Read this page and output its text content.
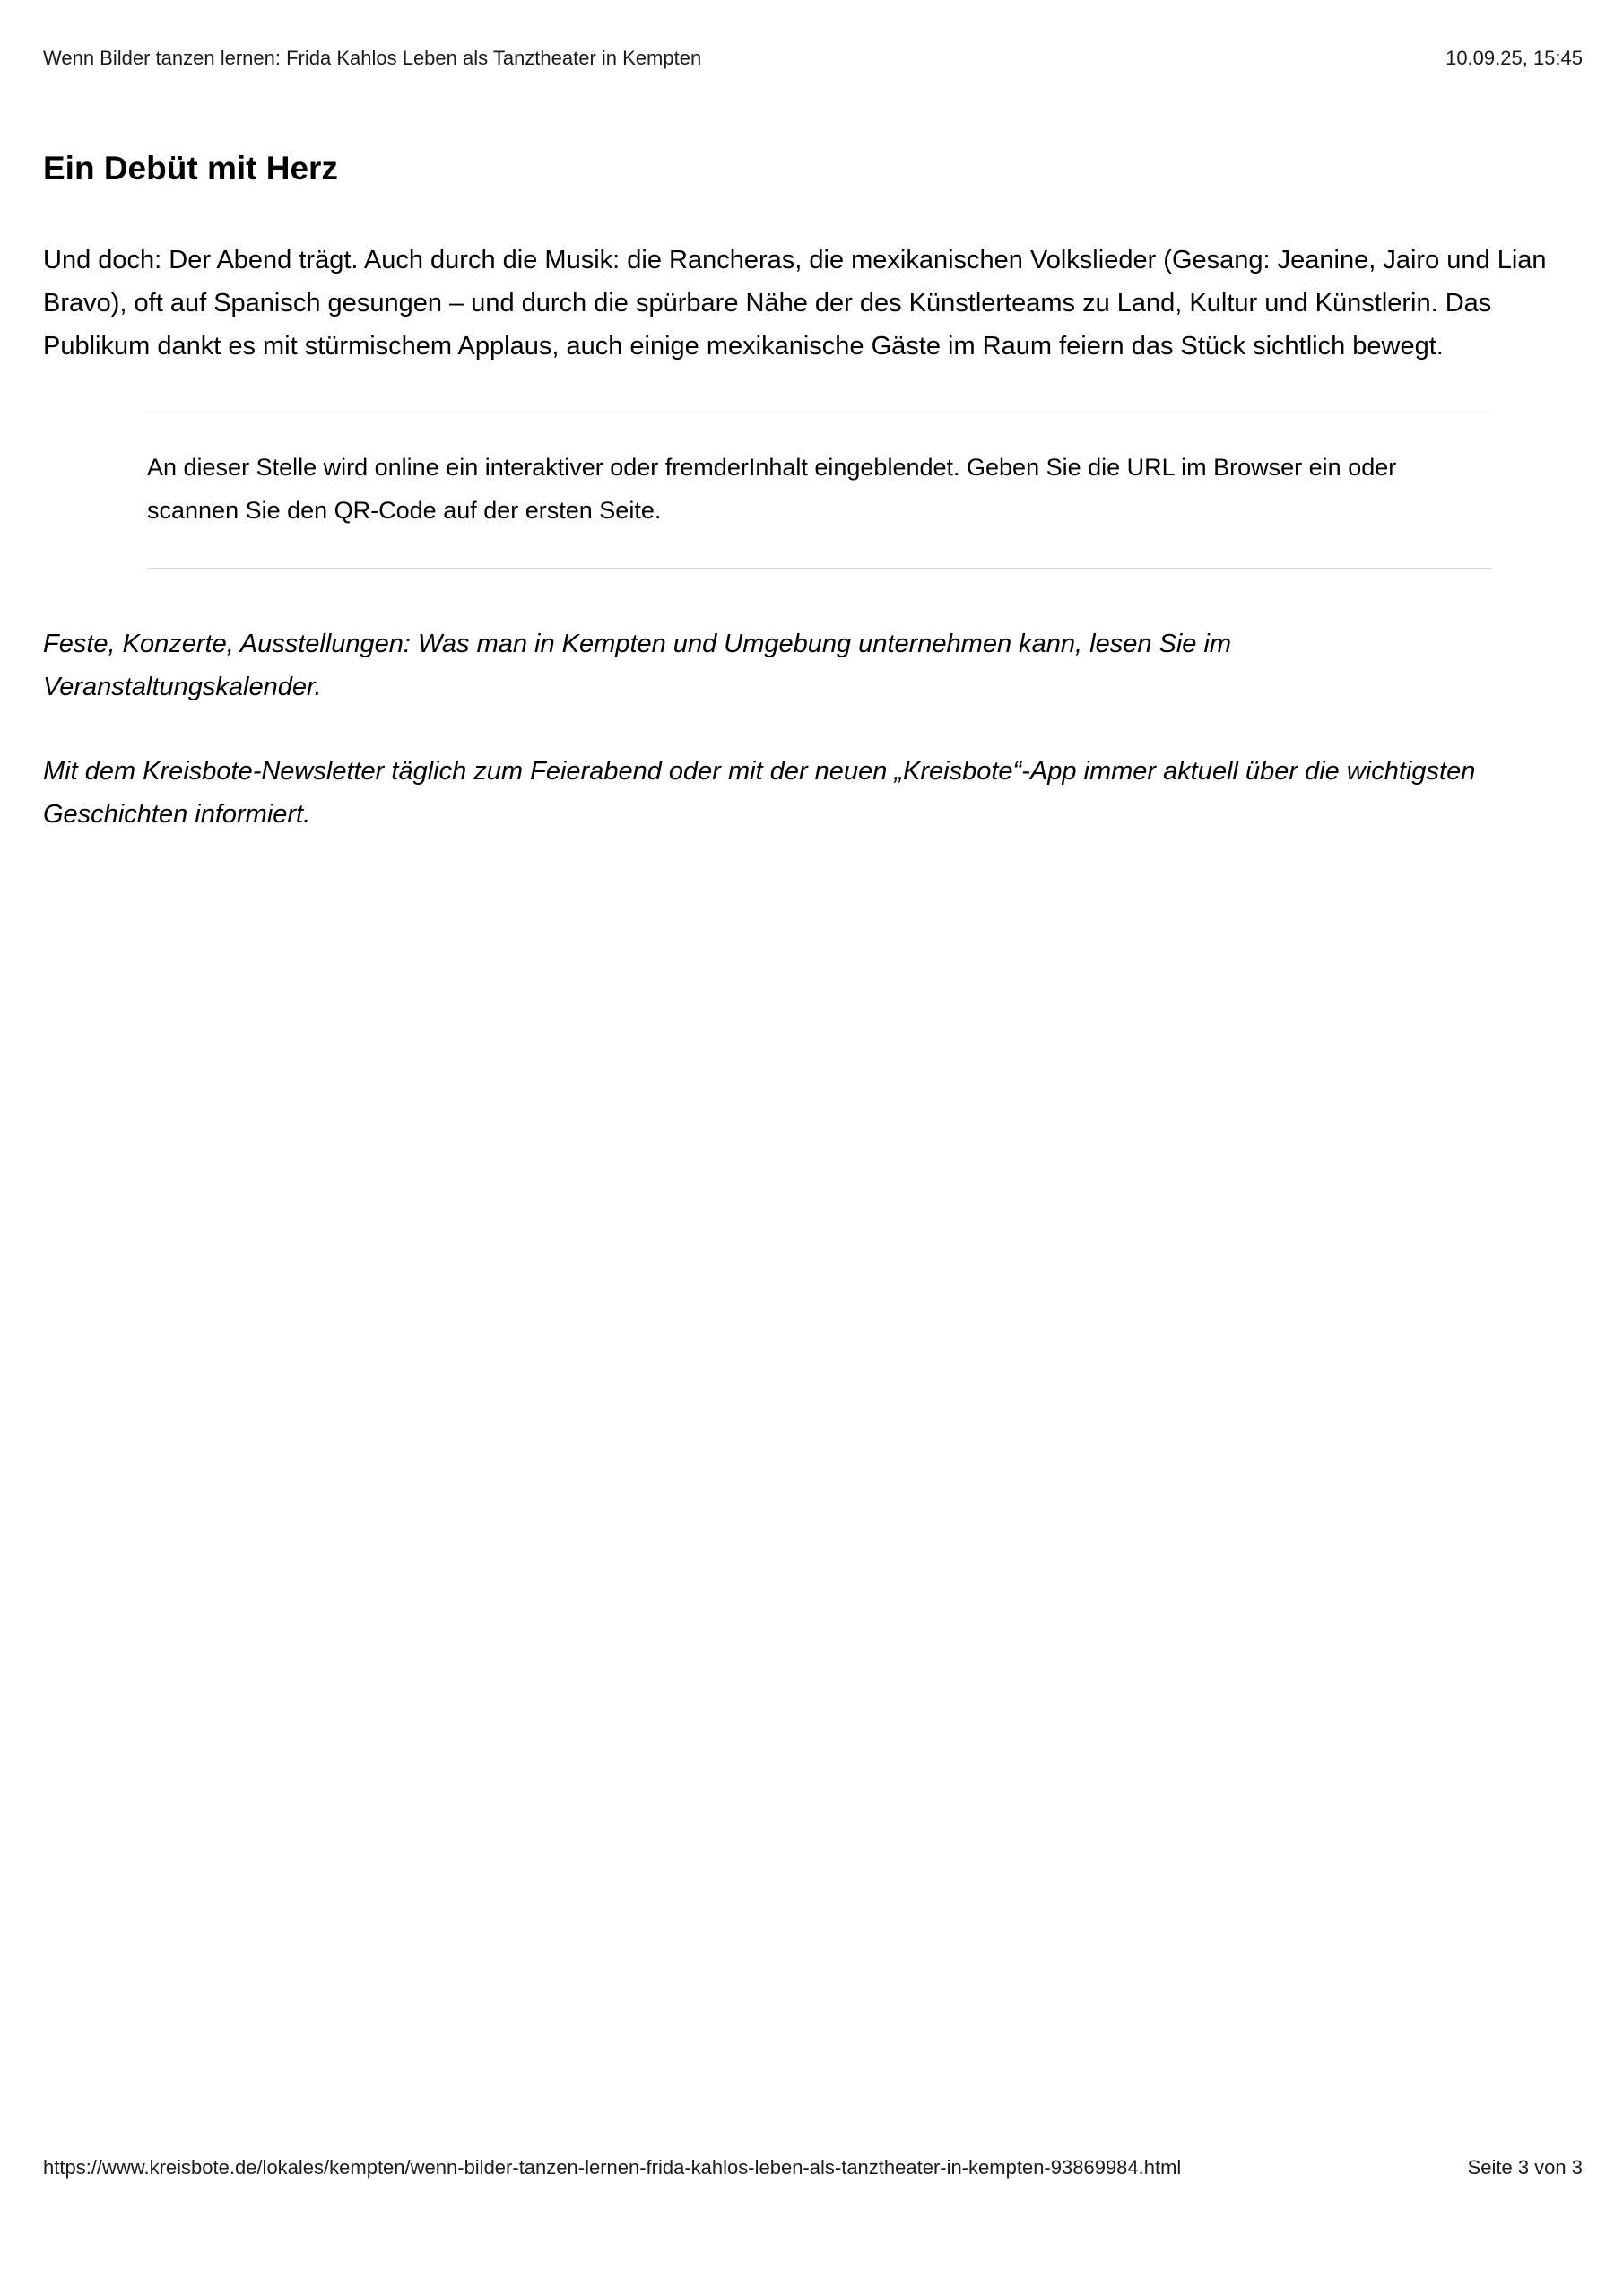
Wenn Bilder tanzen lernen: Frida Kahlos Leben als Tanztheater in Kempten	10.09.25, 15:45
Ein Debüt mit Herz

Und doch: Der Abend trägt. Auch durch die Musik: die Rancheras, die mexikanischen Volkslieder (Gesang: Jeanine, Jairo und Lian Bravo), oft auf Spanisch gesungen – und durch die spürbare Nähe der des Künstlerteams zu Land, Kultur und Künstlerin. Das Publikum dankt es mit stürmischem Applaus, auch einige mexikanische Gäste im Raum feiern das Stück sichtlich bewegt.

An dieser Stelle wird online ein interaktiver oder fremderInhalt eingeblendet. Geben Sie die URL im Browser ein oder scannen Sie den QR-Code auf der ersten Seite.

Feste, Konzerte, Ausstellungen: Was man in Kempten und Umgebung unternehmen kann, lesen Sie im Veranstaltungskalender.

Mit dem Kreisbote-Newsletter täglich zum Feierabend oder mit der neuen „Kreisbote“-App immer aktuell über die wichtigsten Geschichten informiert.

https://www.kreisbote.de/lokales/kempten/wenn-bilder-tanzen-lernen-frida-kahlos-leben-als-tanztheater-in-kempten-93869984.html	Seite 3 von 3
